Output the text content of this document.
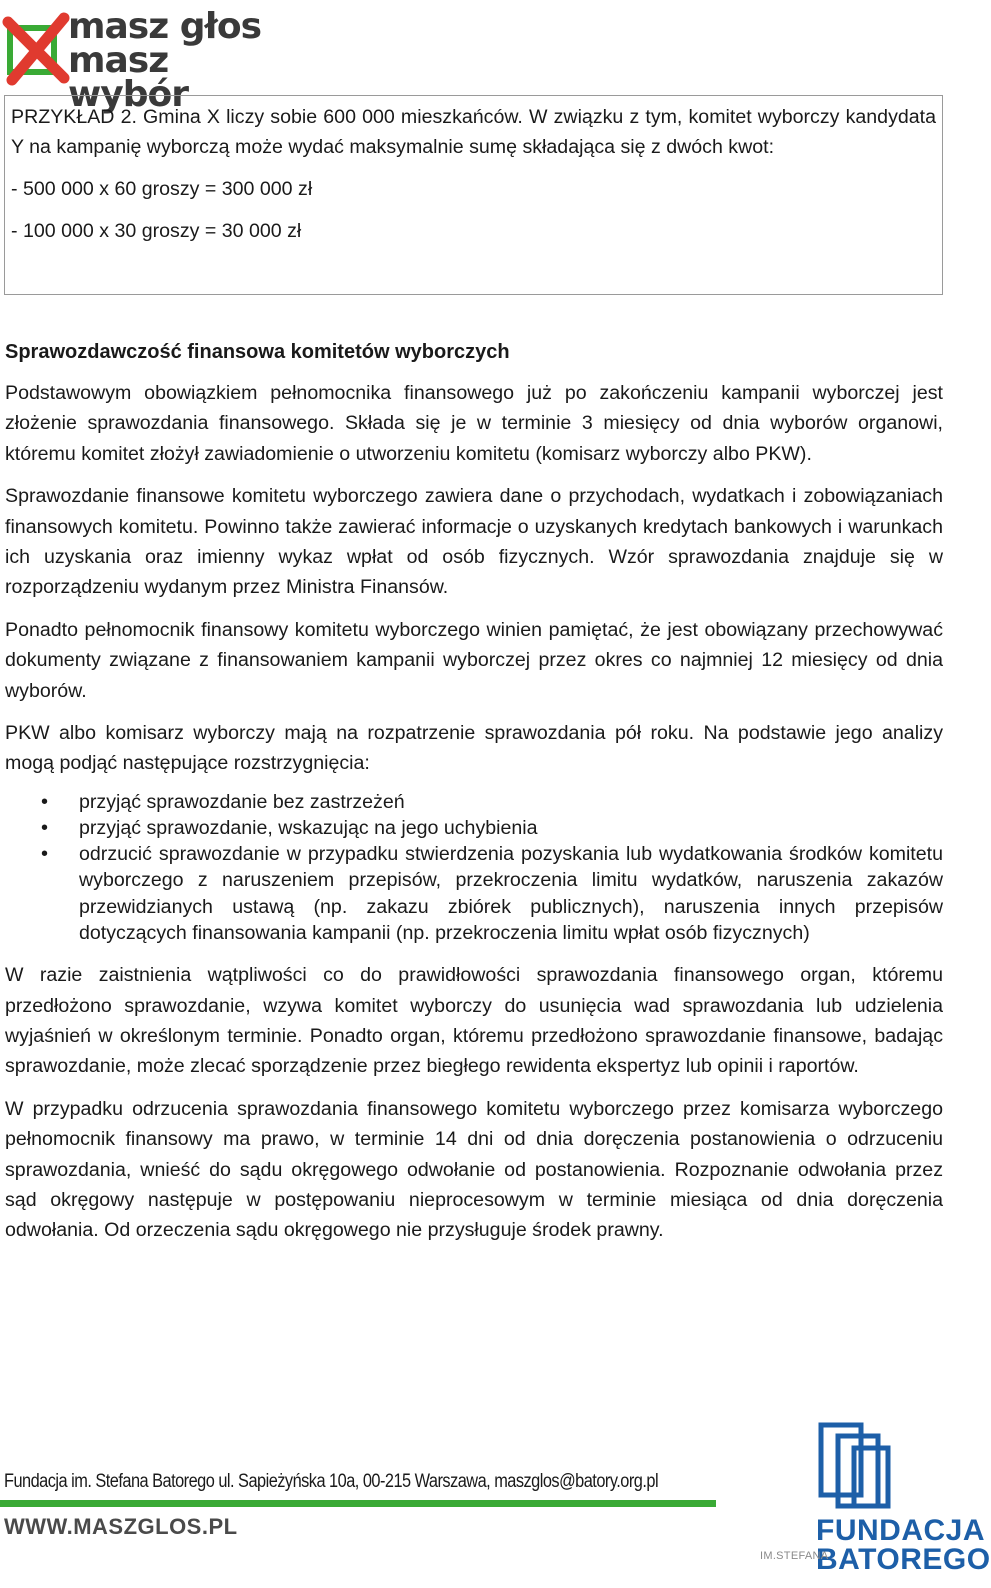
masz głos
masz wybór

PRZYKŁAD 2. Gmina X liczy sobie 600 000 mieszkańców. W związku z tym, komitet wyborczy kandydata Y na kampanię wyborczą może wydać maksymalnie sumę składająca się z dwóch kwot:

- 500 000 x 60 groszy = 300 000 zł

- 100 000 x 30 groszy = 30 000 zł

Sprawozdawczość finansowa komitetów wyborczych

Podstawowym obowiązkiem pełnomocnika finansowego już po zakończeniu kampanii wyborczej jest złożenie sprawozdania finansowego. Składa się je w terminie 3 miesięcy od dnia wyborów organowi, któremu komitet złożył zawiadomienie o utworzeniu komitetu (komisarz wyborczy albo PKW).

Sprawozdanie finansowe komitetu wyborczego zawiera dane o przychodach, wydatkach i zobowiązaniach finansowych komitetu. Powinno także zawierać informacje o uzyskanych kredytach bankowych i warunkach ich uzyskania oraz imienny wykaz wpłat od osób fizycznych. Wzór sprawozdania znajduje się w rozporządzeniu wydanym przez Ministra Finansów.

Ponadto pełnomocnik finansowy komitetu wyborczego winien pamiętać, że jest obowiązany przechowywać dokumenty związane z finansowaniem kampanii wyborczej przez okres co najmniej 12 miesięcy od dnia wyborów.

PKW albo komisarz wyborczy mają na rozpatrzenie sprawozdania pół roku. Na podstawie jego analizy mogą podjąć następujące rozstrzygnięcia:

• przyjąć sprawozdanie bez zastrzeżeń
• przyjąć sprawozdanie, wskazując na jego uchybienia
• odrzucić sprawozdanie w przypadku stwierdzenia pozyskania lub wydatkowania środków komitetu wyborczego z naruszeniem przepisów, przekroczenia limitu wydatków, naruszenia zakazów przewidzianych ustawą (np. zakazu zbiórek publicznych), naruszenia innych przepisów dotyczących finansowania kampanii (np. przekroczenia limitu wpłat osób fizycznych)

W razie zaistnienia wątpliwości co do prawidłowości sprawozdania finansowego organ, któremu przedłożono sprawozdanie, wzywa komitet wyborczy do usunięcia wad sprawozdania lub udzielenia wyjaśnień w określonym terminie. Ponadto organ, któremu przedłożono sprawozdanie finansowe, badając sprawozdanie, może zlecać sporządzenie przez biegłego rewidenta ekspertyz lub opinii i raportów.

W przypadku odrzucenia sprawozdania finansowego komitetu wyborczego przez komisarza wyborczego pełnomocnik finansowy ma prawo, w terminie 14 dni od dnia doręczenia postanowienia o odrzuceniu sprawozdania, wnieść do sądu okręgowego odwołanie od postanowienia. Rozpoznanie odwołania przez sąd okręgowy następuje w postępowaniu nieprocesowym w terminie miesiąca od dnia doręczenia odwołania. Od orzeczenia sądu okręgowego nie przysługuje środek prawny.

Fundacja im. Stefana Batorego ul. Sapieżyńska 10a, 00-215 Warszawa, maszglos@batory.org.pl
WWW.MASZGLOS.PL	FUNDACJA
BATOREGO
IM.STEFANA
